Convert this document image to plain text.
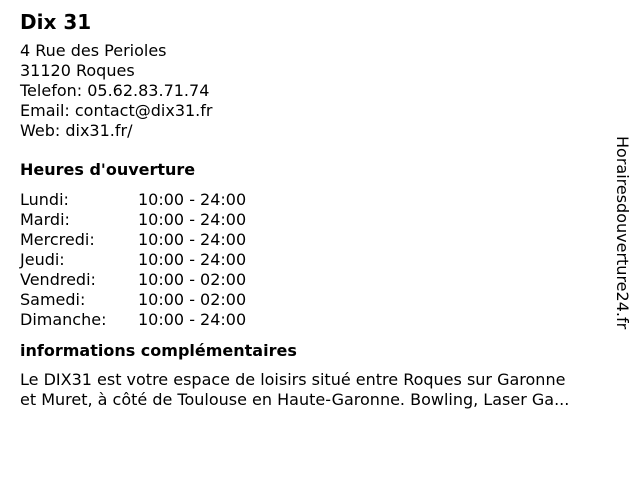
Dix 31
4 Rue des Perioles
31120 Roques
Telefon: 05.62.83.71.74
Email: contact@dix31.fr
Web: dix31.fr/
Heures d'ouverture
Lundi:	10:00 - 24:00
Mardi:	10:00 - 24:00
Mercredi:	10:00 - 24:00
Jeudi:	10:00 - 24:00
Vendredi:	10:00 - 02:00
Samedi:	10:00 - 02:00
Dimanche:	10:00 - 24:00
informations complémentaires
Le DIX31 est votre espace de loisirs situé entre Roques sur Garonne
et Muret, à côté de Toulouse en Haute-Garonne. Bowling, Laser Ga...
Horairesdouverture24.fr
